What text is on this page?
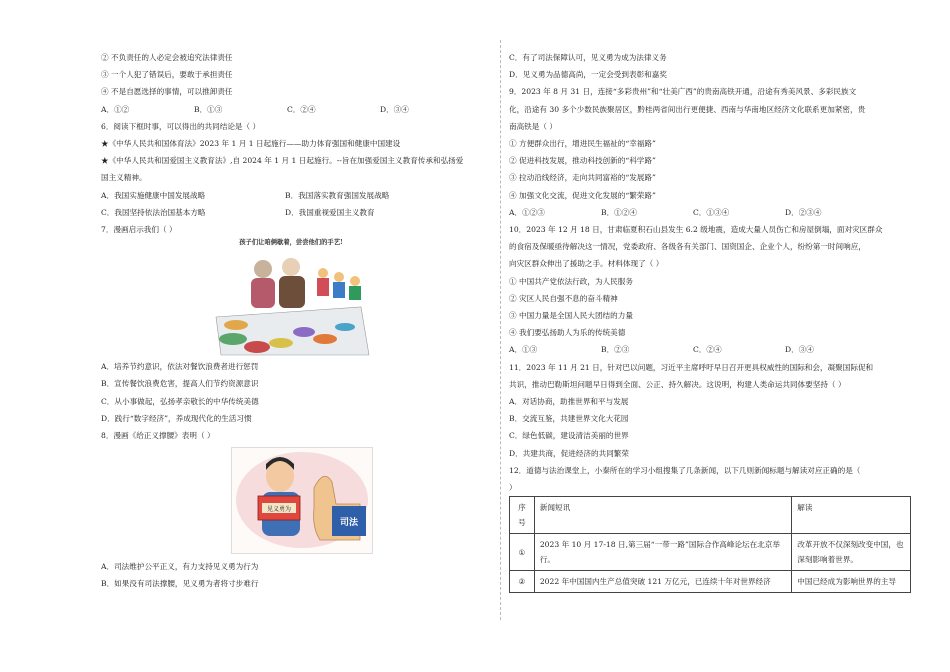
② 不负责任的人必定会被追究法律责任
③ 一个人犯了错误后，要敢于承担责任
④ 不是自愿选择的事情，可以推卸责任
A．①②	B．①③	C．②④	D．③④
6．阅读下框时事，可以得出的共同结论是（ ）
★《中华人民共和国体育法》2023 年 1 月 1 日起施行——助力体育强国和健康中国建设
★《中华人民共和国爱国主义教育法》,自 2024 年 1 月 1 日起施行。--旨在加强爱国主义教育传承和弘扬爱
国主义精神。
A．我国实施健康中国发展战略	B．我国落实教育强国发展战略
C．我国坚持依法治国基本方略	D．我国重视爱国主义教育
7．漫画启示我们（ ）
孩子们让咱俩歇着，尝尝他们的手艺!
A．培养节约意识，依法对餐饮浪费者进行惩罚
B．宣传餐饮浪费危害，提高人们节约资源意识
C．从小事做起，弘扬孝亲敬长的中华传统美德
D．践行“数字经济”，养成现代化的生活习惯
8．漫画《给正义撑腰》表明（ ）
见义勇为
司法
A．司法维护公平正义，有力支持见义勇为行为
B．如果没有司法撑腰，见义勇为者将寸步难行
C．有了司法保障认可，见义勇为成为法律义务
D．见义勇为品德高尚，一定会受到表彰和嘉奖
9．2023 年 8 月 31 日，连接“多彩贵州”和“壮美广西”的贵南高铁开通，沿途有秀美风景、多彩民族文
化，沿途有 30 多个少数民族聚居区，黔桂两省间出行更便捷、西南与华南地区经济文化联系更加紧密，贵
南高铁是（ ）
① 方便群众出行，增进民生福祉的“幸福路”
② 促进科技发展，推动科技创新的“科学路”
③ 拉动沿线经济，走向共同富裕的“发展路”
④ 加强文化交流，促进文化发展的“繁荣路”
A．①②③	B．①②④	C．①③④	D．②③④
10．2023 年 12 月 18 日，甘肃临夏积石山县发生 6.2 级地震，造成大量人员伤亡和房屋倒塌，面对灾区群众
的食宿及保暖亟待解决这一情况，党委政府、各级各有关部门、国资国企、企业个人，纷纷第一时间响应，
向灾区群众伸出了援助之手。材料体现了（ ）
① 中国共产党依法行政，为人民服务
② 灾区人民自强不息的奋斗精神
③ 中国力量是全国人民大团结的力量
④ 我们要弘扬助人为乐的传统美德
A．①③	B．②③	C．②④	D．③④
11．2023 年 11 月 21 日，针对巴以问题，习近平主席呼吁早日召开更具权威性的国际和会，凝聚国际促和
共识，推动巴勒斯坦问题早日得到全面、公正、持久解决。这说明，构建人类命运共同体要坚持（ ）
A．对话协商，助推世界和平与发展
B．交流互鉴，共建世界文化大花园
C．绿色低碳，建设清洁美丽的世界
D．共建共商，促进经济的共同繁荣
12．道德与法治课堂上，小秦所在的学习小组搜集了几条新闻，以下几则新闻标题与解读对应正确的是（
）
序号	新闻短讯	解读
①	2023 年 10 月 17-18 日,第三届“一带一路”国际合作高峰论坛在北京举行。	改革开放不仅深刻改变中国，也深刻影响着世界。
②	2022 年中国国内生产总值突破 121 万亿元，已连续十年对世界经济	中国已经成为影响世界的主导
